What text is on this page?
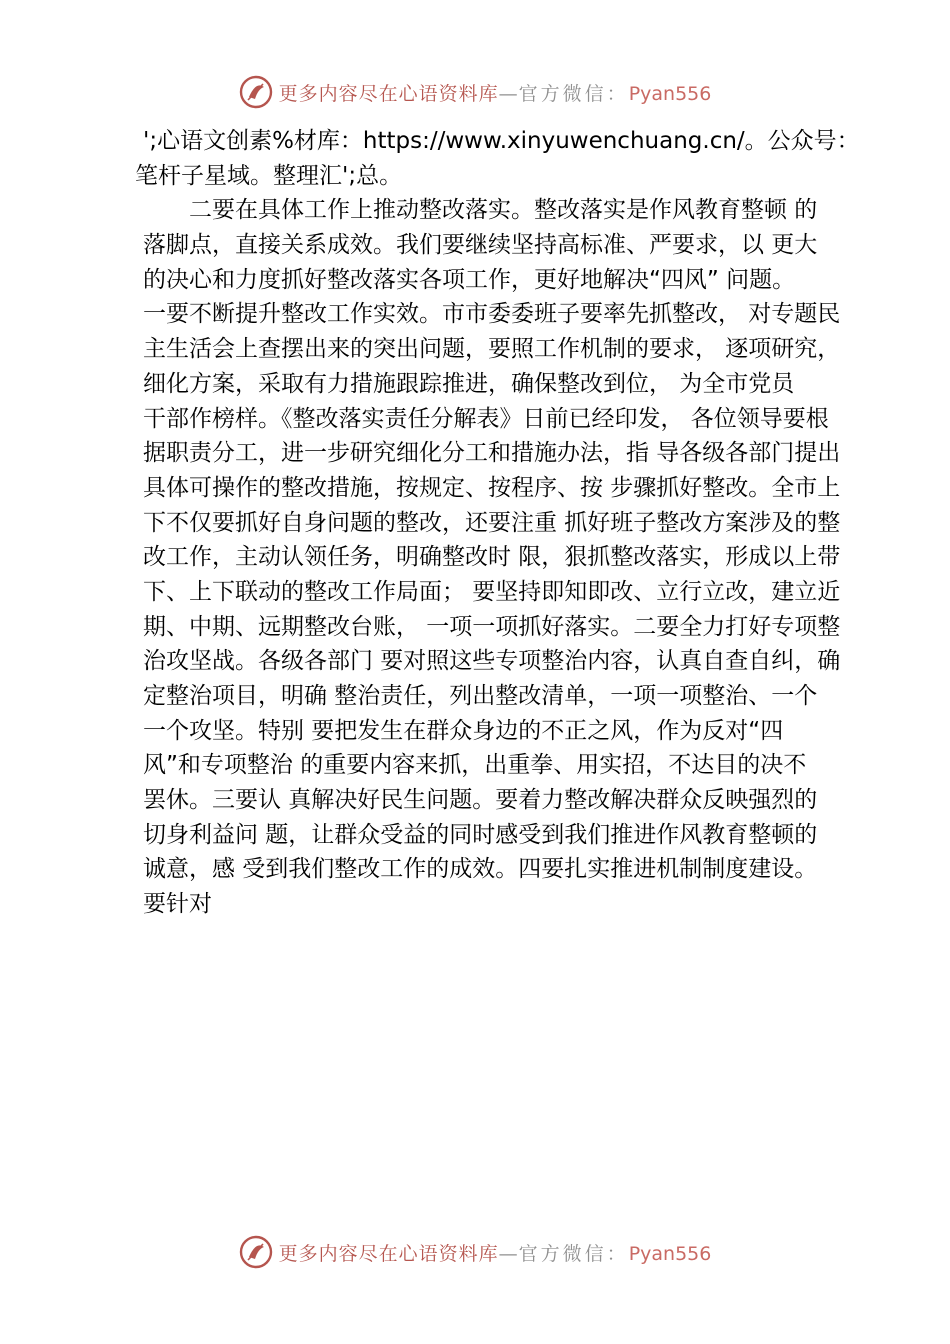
更多内容尽在心语资料库—官方微信：Pyan556
';心语文创素%材库：https://www.xinyuwenchuang.cn/。公众号：
笔杆子星域。整理汇';总。
二要在具体工作上推动整改落实。整改落实是作风教育整顿 的
落脚点，直接关系成效。我们要继续坚持高标准、严要求，以 更大
的决心和力度抓好整改落实各项工作，更好地解决“四风” 问题。
一要不断提升整改工作实效。市市委委班子要率先抓整改， 对专题民
主生活会上查摆出来的突出问题，要照工作机制的要求， 逐项研究，
细化方案，采取有力措施跟踪推进，确保整改到位， 为全市党员
干部作榜样。《整改落实责任分解表》日前已经印发， 各位领导要根
据职责分工，进一步研究细化分工和措施办法，指 导各级各部门提出
具体可操作的整改措施，按规定、按程序、按 步骤抓好整改。全市上
下不仅要抓好自身问题的整改，还要注重 抓好班子整改方案涉及的整
改工作，主动认领任务，明确整改时 限，狠抓整改落实，形成以上带
下、上下联动的整改工作局面； 要坚持即知即改、立行立改，建立近
期、中期、远期整改台账， 一项一项抓好落实。二要全力打好专项整
治攻坚战。各级各部门 要对照这些专项整治内容，认真自查自纠，确
定整治项目，明确 整治责任，列出整改清单，一项一项整治、一个
一个攻坚。特别 要把发生在群众身边的不正之风，作为反对“四
风”和专项整治 的重要内容来抓，出重拳、用实招，不达目的决不
罢休。三要认 真解决好民生问题。要着力整改解决群众反映强烈的
切身利益问 题，让群众受益的同时感受到我们推进作风教育整顿的
诚意，感 受到我们整改工作的成效。四要扎实推进机制制度建设。
要针对
更多内容尽在心语资料库—官方微信：Pyan556
